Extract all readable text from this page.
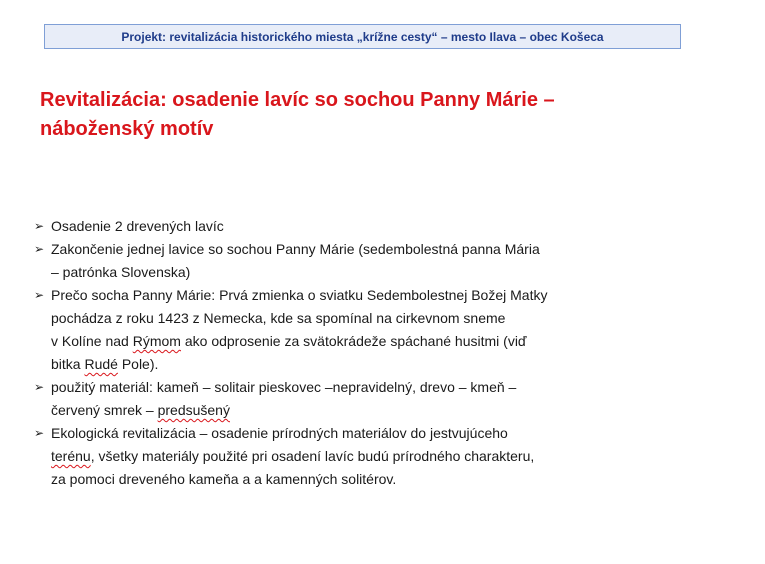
Projekt: revitalizácia historického miesta „krížne cesty“ – mesto Ilava – obec Košeca
Revitalizácia: osadenie lavíc so sochou Panny Márie –
náboženský motív
➢ Osadenie 2 drevených lavíc
➢ Zakončenie jednej lavice so sochou Panny Márie (sedembolestná panna Mária
– patrónka Slovenska)
➢ Prečo socha Panny Márie: Prvá zmienka o sviatku Sedembolestnej Božej Matky
pochádza z roku 1423 z Nemecka, kde sa spomínal na cirkevnom sneme
v Kolíne nad Rýmom ako odprosenie za svätokrádeže spáchané husitmi (viď
bitka Rudé Pole).
➢ použitý materiál: kameň – solitair pieskovec –nepravidelný, drevo – kmeň –
červený smrek – predsušený
➢ Ekologická revitalizácia – osadenie prírodných materiálov do jestvujúceho
terénu, všetky materiály použité pri osadení lavíc budú prírodného charakteru,
za pomoci dreveného kameňa a a kamenných solitérov.
